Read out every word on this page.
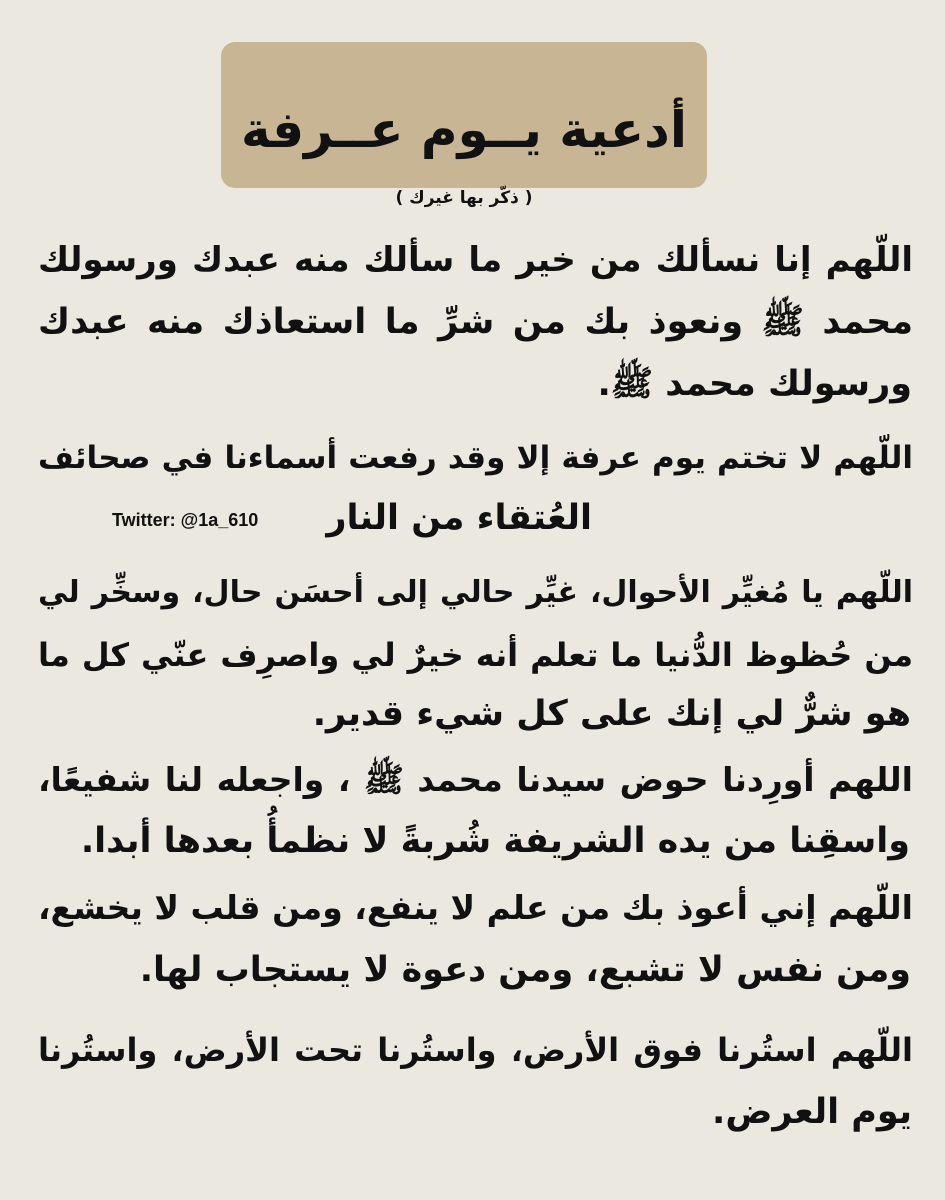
أدعية يــوم عــرفة
( ذكّر بها غيرك )
اللّهم إنا نسألك من خير ما سألك منه عبدك ورسولك
محمد ﷺ ونعوذ بك من شرِّ ما استعاذك منه عبدك
ورسولك محمد ﷺ.
اللّهم لا تختم يوم عرفة إلا وقد رفعت أسماءنا في صحائف
العُتقاء من النار
Twitter: @1a_610
اللّهم يا مُغيِّر الأحوال، غيِّر حالي إلى أحسَن حال، وسخِّر لي
من حُظوظ الدُّنيا ما تعلم أنه خيرٌ لي واصرِف عنّي كل ما
هو شرٌّ لي إنك على كل شيء قدير.
اللهم أورِدنا حوض سيدنا محمد ﷺ ، واجعله لنا شفيعًا،
واسقِنا من يده الشريفة شُربةً لا نظمأُ بعدها أبدا.
اللّهم إني أعوذ بك من علم لا ينفع، ومن قلب لا يخشع،
ومن نفس لا تشبع، ومن دعوة لا يستجاب لها.
اللّهم استُرنا فوق الأرض، واستُرنا تحت الأرض، واستُرنا
يوم العرض.
